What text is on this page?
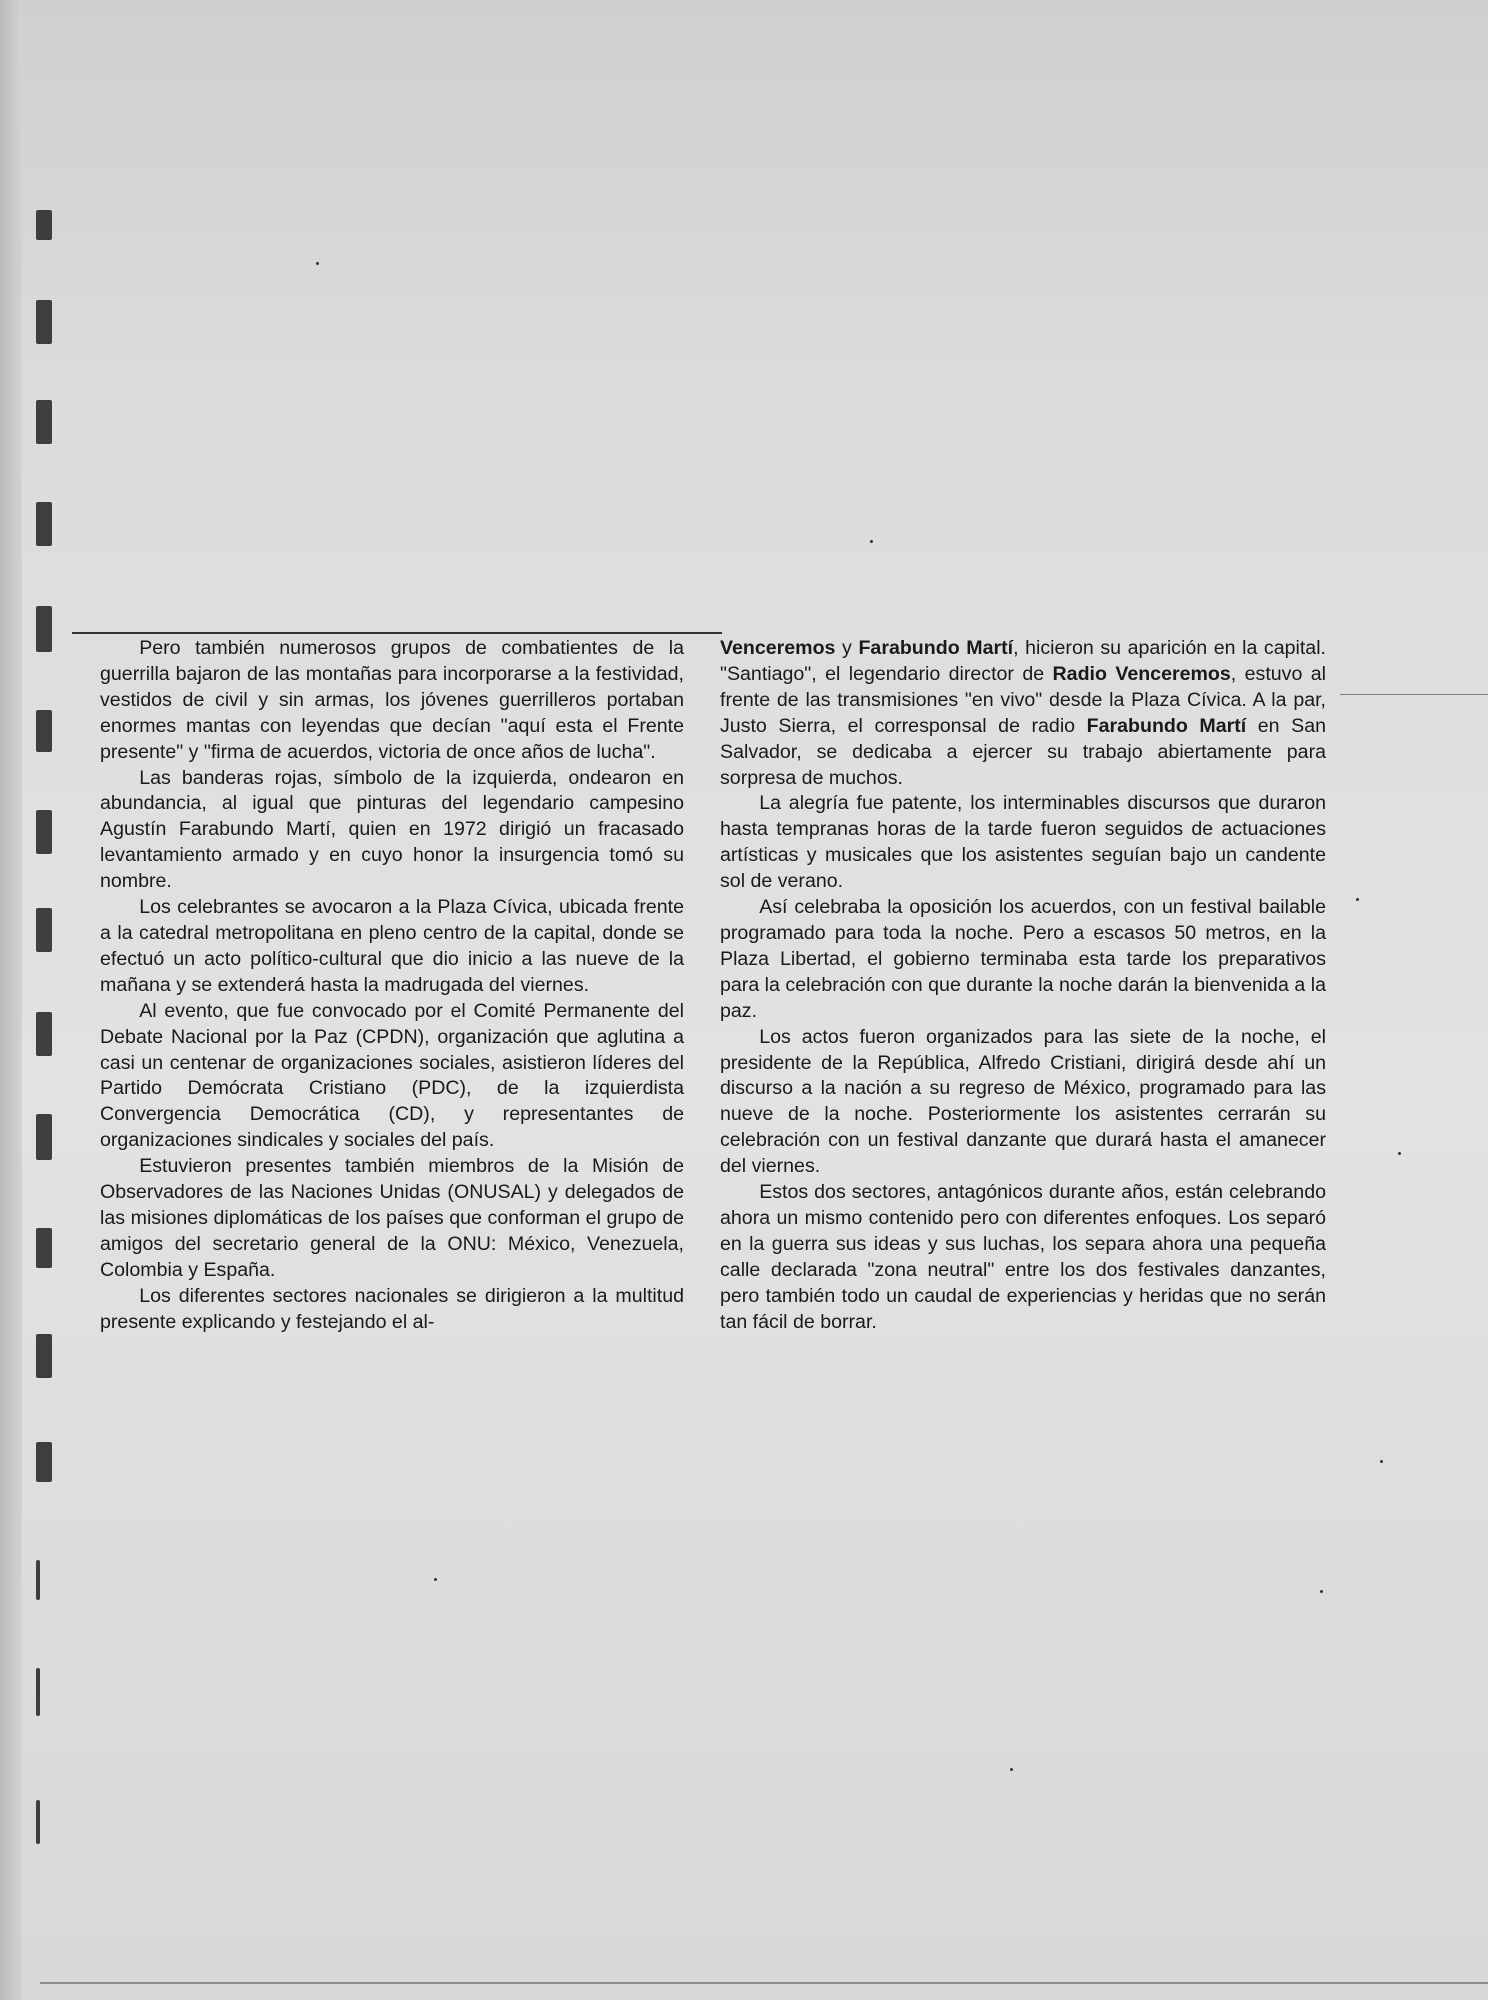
Pero también numerosos grupos de combatientes de la guerrilla bajaron de las montañas para incorporarse a la festividad, vestidos de civil y sin armas, los jóvenes guerrilleros portaban enormes mantas con leyendas que decían "aquí esta el Frente presente" y "firma de acuerdos, victoria de once años de lucha".

Las banderas rojas, símbolo de la izquierda, ondearon en abundancia, al igual que pinturas del legendario campesino Agustín Farabundo Martí, quien en 1972 dirigió un fracasado levantamiento armado y en cuyo honor la insurgencia tomó su nombre.

Los celebrantes se avocaron a la Plaza Cívica, ubicada frente a la catedral metropolitana en pleno centro de la capital, donde se efectuó un acto político-cultural que dio inicio a las nueve de la mañana y se extenderá hasta la madrugada del viernes.

Al evento, que fue convocado por el Comité Permanente del Debate Nacional por la Paz (CPDN), organización que aglutina a casi un centenar de organizaciones sociales, asistieron líderes del Partido Demócrata Cristiano (PDC), de la izquierdista Convergencia Democrática (CD), y representantes de organizaciones sindicales y sociales del país.

Estuvieron presentes también miembros de la Misión de Observadores de las Naciones Unidas (ONUSAL) y delegados de las misiones diplomáticas de los países que conforman el grupo de amigos del secretario general de la ONU: México, Venezuela, Colombia y España.

Los diferentes sectores nacionales se dirigieron a la multitud presente explicando y festejando el al-

Venceremos y Farabundo Martí, hicieron su aparición en la capital. "Santiago", el legendario director de Radio Venceremos, estuvo al frente de las transmisiones "en vivo" desde la Plaza Cívica. A la par, Justo Sierra, el corresponsal de radio Farabundo Martí en San Salvador, se dedicaba a ejercer su trabajo abiertamente para sorpresa de muchos.

La alegría fue patente, los interminables discursos que duraron hasta tempranas horas de la tarde fueron seguidos de actuaciones artísticas y musicales que los asistentes seguían bajo un candente sol de verano.

Así celebraba la oposición los acuerdos, con un festival bailable programado para toda la noche. Pero a escasos 50 metros, en la Plaza Libertad, el gobierno terminaba esta tarde los preparativos para la celebración con que durante la noche darán la bienvenida a la paz.

Los actos fueron organizados para las siete de la noche, el presidente de la República, Alfredo Cristiani, dirigirá desde ahí un discurso a la nación a su regreso de México, programado para las nueve de la noche. Posteriormente los asistentes cerrarán su celebración con un festival danzante que durará hasta el amanecer del viernes.

Estos dos sectores, antagónicos durante años, están celebrando ahora un mismo contenido pero con diferentes enfoques. Los separó en la guerra sus ideas y sus luchas, los separa ahora una pequeña calle declarada "zona neutral" entre los dos festivales danzantes, pero también todo un caudal de experiencias y heridas que no serán tan fácil de borrar.
